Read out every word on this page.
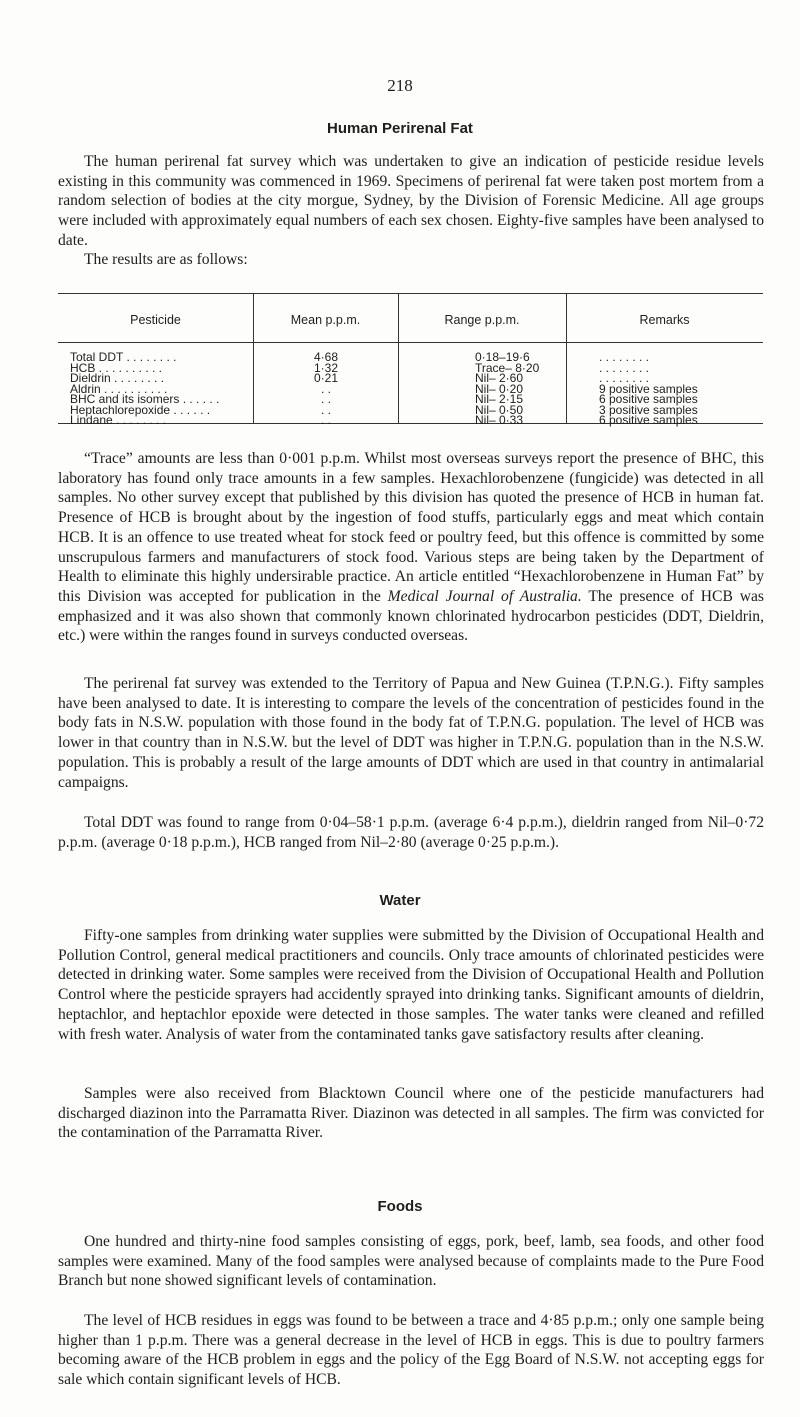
218
Human Perirenal Fat
The human perirenal fat survey which was undertaken to give an indication of pesticide residue levels existing in this community was commenced in 1969. Specimens of perirenal fat were taken post mortem from a random selection of bodies at the city morgue, Sydney, by the Division of Forensic Medicine. All age groups were included with approximately equal numbers of each sex chosen. Eighty-five samples have been analysed to date.
The results are as follows:
Pesticide	Mean p.p.m.	Range p.p.m.	Remarks
Total DDT . . . . . . . .	4·68	0·18–19·6	. . . . . . . .
HCB . . . . . . . . . .	1·32	Trace– 8·20	. . . . . . . .
Dieldrin . . . . . . . .	0·21	Nil– 2·60	. . . . . . . .
Aldrin . . . . . . . . . .	. .	Nil– 0·20	9 positive samples
BHC and its isomers . . . . . .	. .	Nil– 2·15	6 positive samples
Heptachlorepoxide . . . . . .	. .	Nil– 0·50	3 positive samples
Lindane . . . . . . . .	. .	Nil– 0·33	6 positive samples
“Trace” amounts are less than 0·001 p.p.m. Whilst most overseas surveys report the presence of BHC, this laboratory has found only trace amounts in a few samples. Hexachlorobenzene (fungicide) was detected in all samples. No other survey except that published by this division has quoted the presence of HCB in human fat. Presence of HCB is brought about by the ingestion of food stuffs, particularly eggs and meat which contain HCB. It is an offence to use treated wheat for stock feed or poultry feed, but this offence is committed by some unscrupulous farmers and manufacturers of stock food. Various steps are being taken by the Department of Health to eliminate this highly undersirable practice. An article entitled “Hexachlorobenzene in Human Fat” by this Division was accepted for publication in the Medical Journal of Australia. The presence of HCB was emphasized and it was also shown that commonly known chlorinated hydrocarbon pesticides (DDT, Dieldrin, etc.) were within the ranges found in surveys conducted overseas.
The perirenal fat survey was extended to the Territory of Papua and New Guinea (T.P.N.G.). Fifty samples have been analysed to date. It is interesting to compare the levels of the concentration of pesticides found in the body fats in N.S.W. population with those found in the body fat of T.P.N.G. population. The level of HCB was lower in that country than in N.S.W. but the level of DDT was higher in T.P.N.G. population than in the N.S.W. population. This is probably a result of the large amounts of DDT which are used in that country in antimalarial campaigns.
Total DDT was found to range from 0·04–58·1 p.p.m. (average 6·4 p.p.m.), dieldrin ranged from Nil–0·72 p.p.m. (average 0·18 p.p.m.), HCB ranged from Nil–2·80 (average 0·25 p.p.m.).
Water
Fifty-one samples from drinking water supplies were submitted by the Division of Occupational Health and Pollution Control, general medical practitioners and councils. Only trace amounts of chlorinated pesticides were detected in drinking water. Some samples were received from the Division of Occupational Health and Pollution Control where the pesticide sprayers had accidently sprayed into drinking tanks. Significant amounts of dieldrin, heptachlor, and heptachlor epoxide were detected in those samples. The water tanks were cleaned and refilled with fresh water. Analysis of water from the contaminated tanks gave satisfactory results after cleaning.
Samples were also received from Blacktown Council where one of the pesticide manufacturers had discharged diazinon into the Parramatta River. Diazinon was detected in all samples. The firm was convicted for the contamination of the Parramatta River.
Foods
One hundred and thirty-nine food samples consisting of eggs, pork, beef, lamb, sea foods, and other food samples were examined. Many of the food samples were analysed because of complaints made to the Pure Food Branch but none showed significant levels of contamination.
The level of HCB residues in eggs was found to be between a trace and 4·85 p.p.m.; only one sample being higher than 1 p.p.m. There was a general decrease in the level of HCB in eggs. This is due to poultry farmers becoming aware of the HCB problem in eggs and the policy of the Egg Board of N.S.W. not accepting eggs for sale which contain significant levels of HCB.
